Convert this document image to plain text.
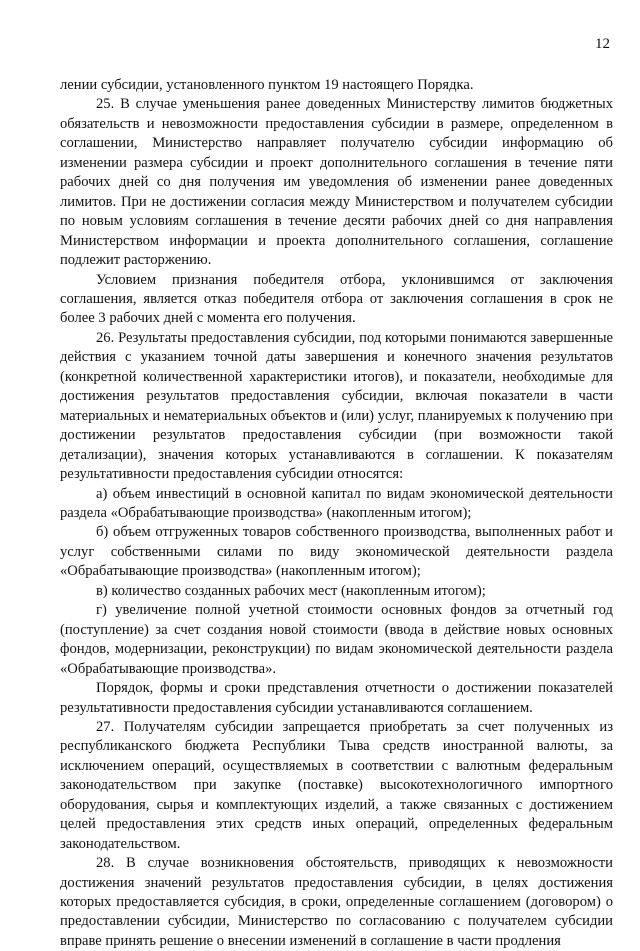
12

лении субсидии, установленного пунктом 19 настоящего Порядка.

25. В случае уменьшения ранее доведенных Министерству лимитов бюджетных обязательств и невозможности предоставления субсидии в размере, определенном в соглашении, Министерство направляет получателю субсидии информацию об изменении размера субсидии и проект дополнительного соглашения в течение пяти рабочих дней со дня получения им уведомления об изменении ранее доведенных лимитов. При не достижении согласия между Министерством и получателем субсидии по новым условиям соглашения в течение десяти рабочих дней со дня направления Министерством информации и проекта дополнительного соглашения, соглашение подлежит расторжению.

Условием признания победителя отбора, уклонившимся от заключения соглашения, является отказ победителя отбора от заключения соглашения в срок не более 3 рабочих дней с момента его получения.

26. Результаты предоставления субсидии, под которыми понимаются завершенные действия с указанием точной даты завершения и конечного значения результатов (конкретной количественной характеристики итогов), и показатели, необходимые для достижения результатов предоставления субсидии, включая показатели в части материальных и нематериальных объектов и (или) услуг, планируемых к получению при достижении результатов предоставления субсидии (при возможности такой детализации), значения которых устанавливаются в соглашении. К показателям результативности предоставления субсидии относятся:

а) объем инвестиций в основной капитал по видам экономической деятельности раздела «Обрабатывающие производства» (накопленным итогом);

б) объем отгруженных товаров собственного производства, выполненных работ и услуг собственными силами по виду экономической деятельности раздела «Обрабатывающие производства» (накопленным итогом);

в) количество созданных рабочих мест (накопленным итогом);

г) увеличение полной учетной стоимости основных фондов за отчетный год (поступление) за счет создания новой стоимости (ввода в действие новых основных фондов, модернизации, реконструкции) по видам экономической деятельности раздела «Обрабатывающие производства».

Порядок, формы и сроки представления отчетности о достижении показателей результативности предоставления субсидии устанавливаются соглашением.

27. Получателям субсидии запрещается приобретать за счет полученных из республиканского бюджета Республики Тыва средств иностранной валюты, за исключением операций, осуществляемых в соответствии с валютным федеральным законодательством при закупке (поставке) высокотехнологичного импортного оборудования, сырья и комплектующих изделий, а также связанных с достижением целей предоставления этих средств иных операций, определенных федеральным законодательством.

28. В случае возникновения обстоятельств, приводящих к невозможности достижения значений результатов предоставления субсидии, в целях достижения которых предоставляется субсидия, в сроки, определенные соглашением (договором) о предоставлении субсидии, Министерство по согласованию с получателем субсидии вправе принять решение о внесении изменений в соглашение в части продления
